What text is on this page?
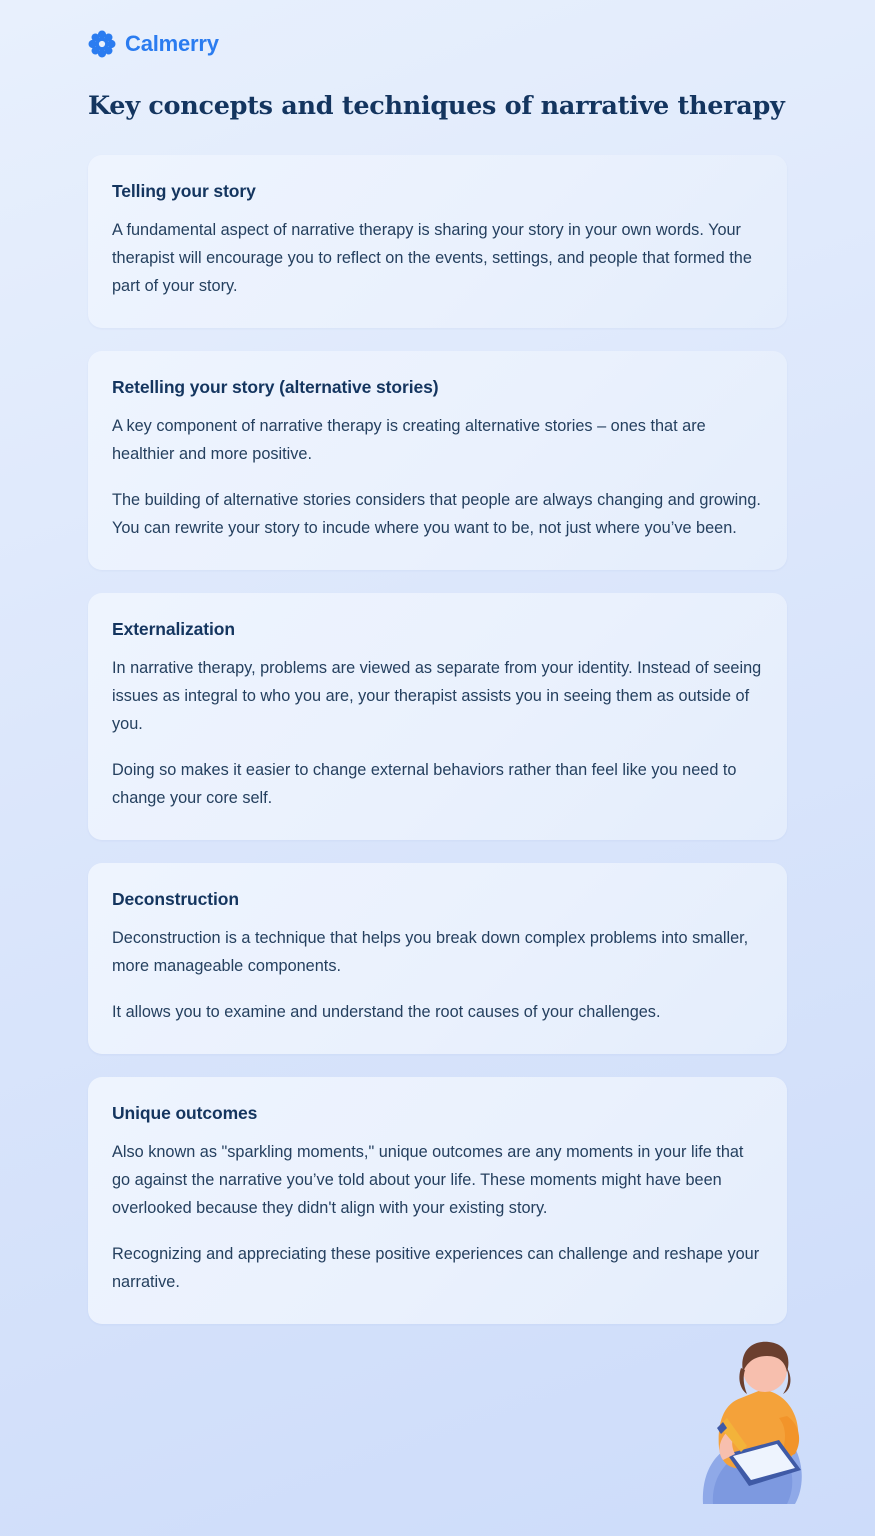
Calmerry
Key concepts and techniques of narrative therapy
Telling your story

A fundamental aspect of narrative therapy is sharing your story in your own words. Your therapist will encourage you to reflect on the events, settings, and people that formed the part of your story.

Retelling your story (alternative stories)

A key component of narrative therapy is creating alternative stories – ones that are healthier and more positive.

The building of alternative stories considers that people are always changing and growing. You can rewrite your story to incude where you want to be, not just where you’ve been.

Externalization

In narrative therapy, problems are viewed as separate from your identity. Instead of seeing issues as integral to who you are, your therapist assists you in seeing them as outside of you.

Doing so makes it easier to change external behaviors rather than feel like you need to change your core self.

Deconstruction

Deconstruction is a technique that helps you break down complex problems into smaller, more manageable components.

It allows you to examine and understand the root causes of your challenges.

Unique outcomes

Also known as "sparkling moments," unique outcomes are any moments in your life that go against the narrative you’ve told about your life. These moments might have been overlooked because they didn't align with your existing story.

Recognizing and appreciating these positive experiences can challenge and reshape your narrative.
